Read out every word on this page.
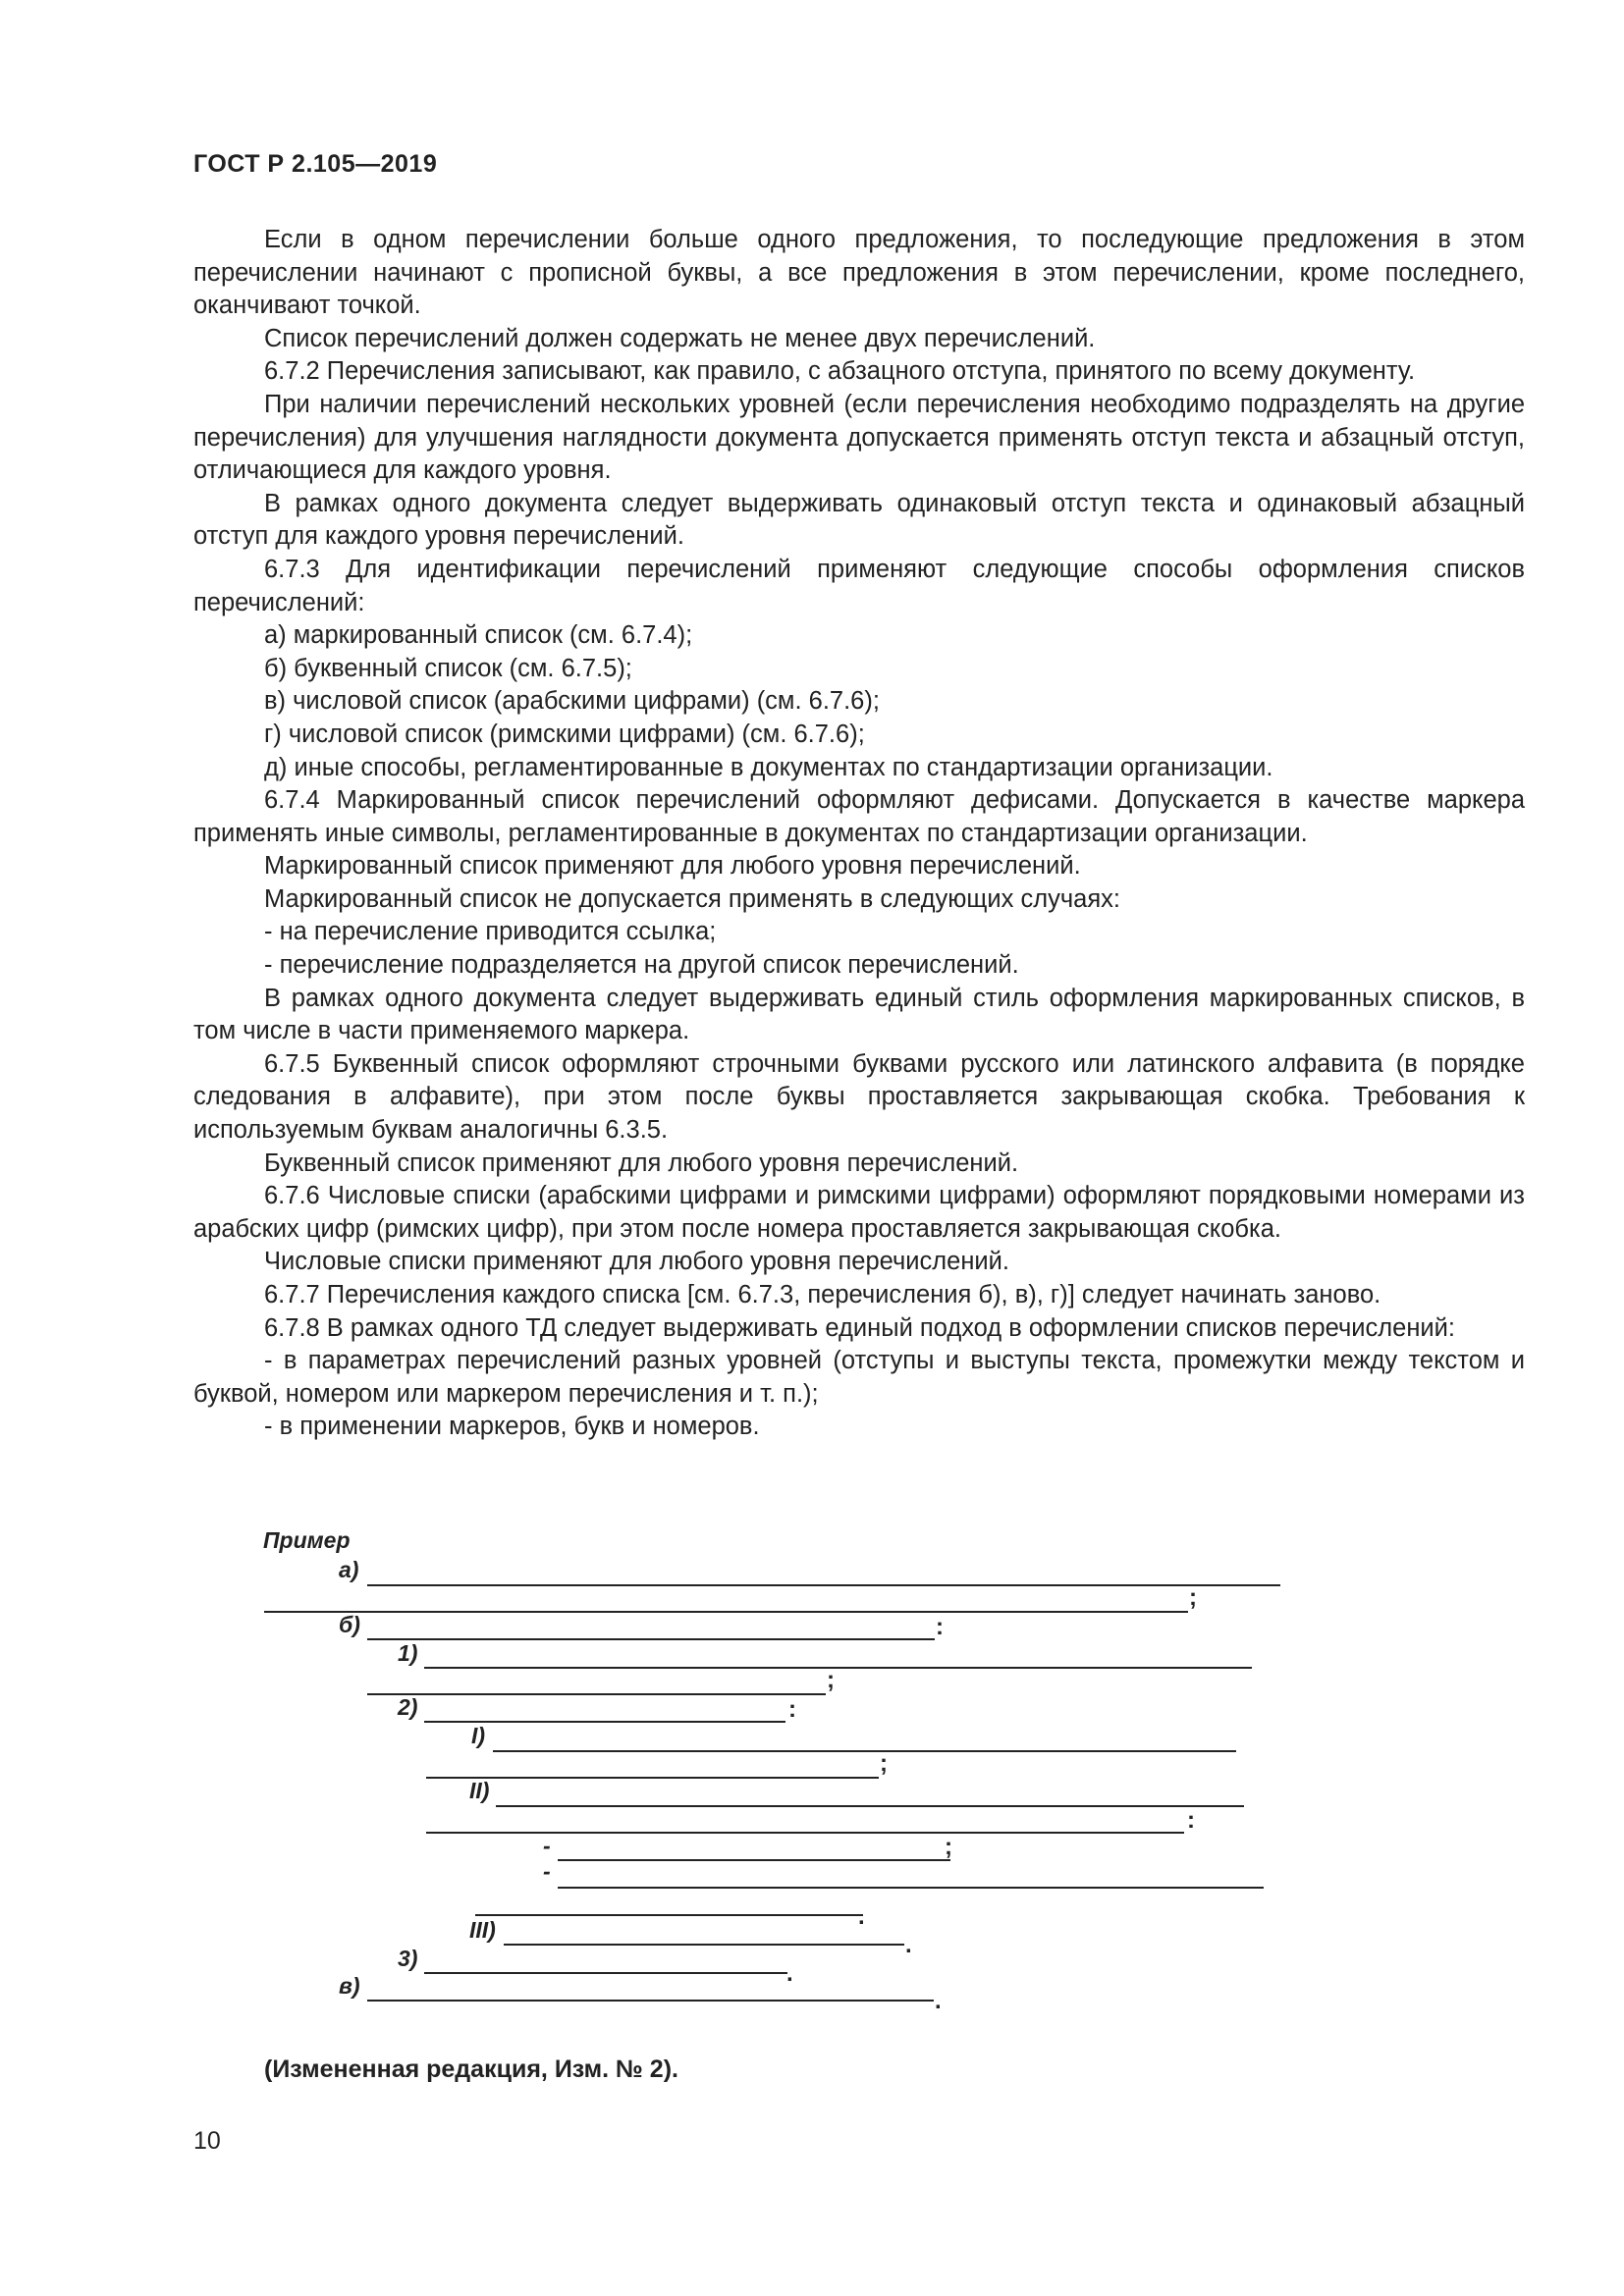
ГОСТ Р 2.105—2019

Если в одном перечислении больше одного предложения, то последующие предложения в этом перечислении начинают с прописной буквы, а все предложения в этом перечислении, кроме последнего, оканчивают точкой.

Список перечислений должен содержать не менее двух перечислений.

6.7.2 Перечисления записывают, как правило, с абзацного отступа, принятого по всему документу.

При наличии перечислений нескольких уровней (если перечисления необходимо подразделять на другие перечисления) для улучшения наглядности документа допускается применять отступ текста и абзацный отступ, отличающиеся для каждого уровня.

В рамках одного документа следует выдерживать одинаковый отступ текста и одинаковый абзацный отступ для каждого уровня перечислений.

6.7.3 Для идентификации перечислений применяют следующие способы оформления списков перечислений:

а) маркированный список (см. 6.7.4);

б) буквенный список (см. 6.7.5);

в) числовой список (арабскими цифрами) (см. 6.7.6);

г) числовой список (римскими цифрами) (см. 6.7.6);

д) иные способы, регламентированные в документах по стандартизации организации.

6.7.4 Маркированный список перечислений оформляют дефисами. Допускается в качестве маркера применять иные символы, регламентированные в документах по стандартизации организации.

Маркированный список применяют для любого уровня перечислений.

Маркированный список не допускается применять в следующих случаях:

- на перечисление приводится ссылка;

- перечисление подразделяется на другой список перечислений.

В рамках одного документа следует выдерживать единый стиль оформления маркированных списков, в том числе в части применяемого маркера.

6.7.5 Буквенный список оформляют строчными буквами русского или латинского алфавита (в порядке следования в алфавите), при этом после буквы проставляется закрывающая скобка. Требования к используемым буквам аналогичны 6.3.5.

Буквенный список применяют для любого уровня перечислений.

6.7.6 Числовые списки (арабскими цифрами и римскими цифрами) оформляют порядковыми номерами из арабских цифр (римских цифр), при этом после номера проставляется закрывающая скобка.

Числовые списки применяют для любого уровня перечислений.

6.7.7 Перечисления каждого списка [см. 6.7.3, перечисления б), в), г)] следует начинать заново.

6.7.8 В рамках одного ТД следует выдерживать единый подход в оформлении списков перечислений:

- в параметрах перечислений разных уровней (отступы и выступы текста, промежутки между текстом и буквой, номером или маркером перечисления и т. п.);

- в применении маркеров, букв и номеров.

Пример
а)
;
б)	:
1)
;
2)	:
I)
;
II)
:
-	;
-
.
III)
.
3)
.
в)
.
(Измененная редакция, Изм. № 2).
10
